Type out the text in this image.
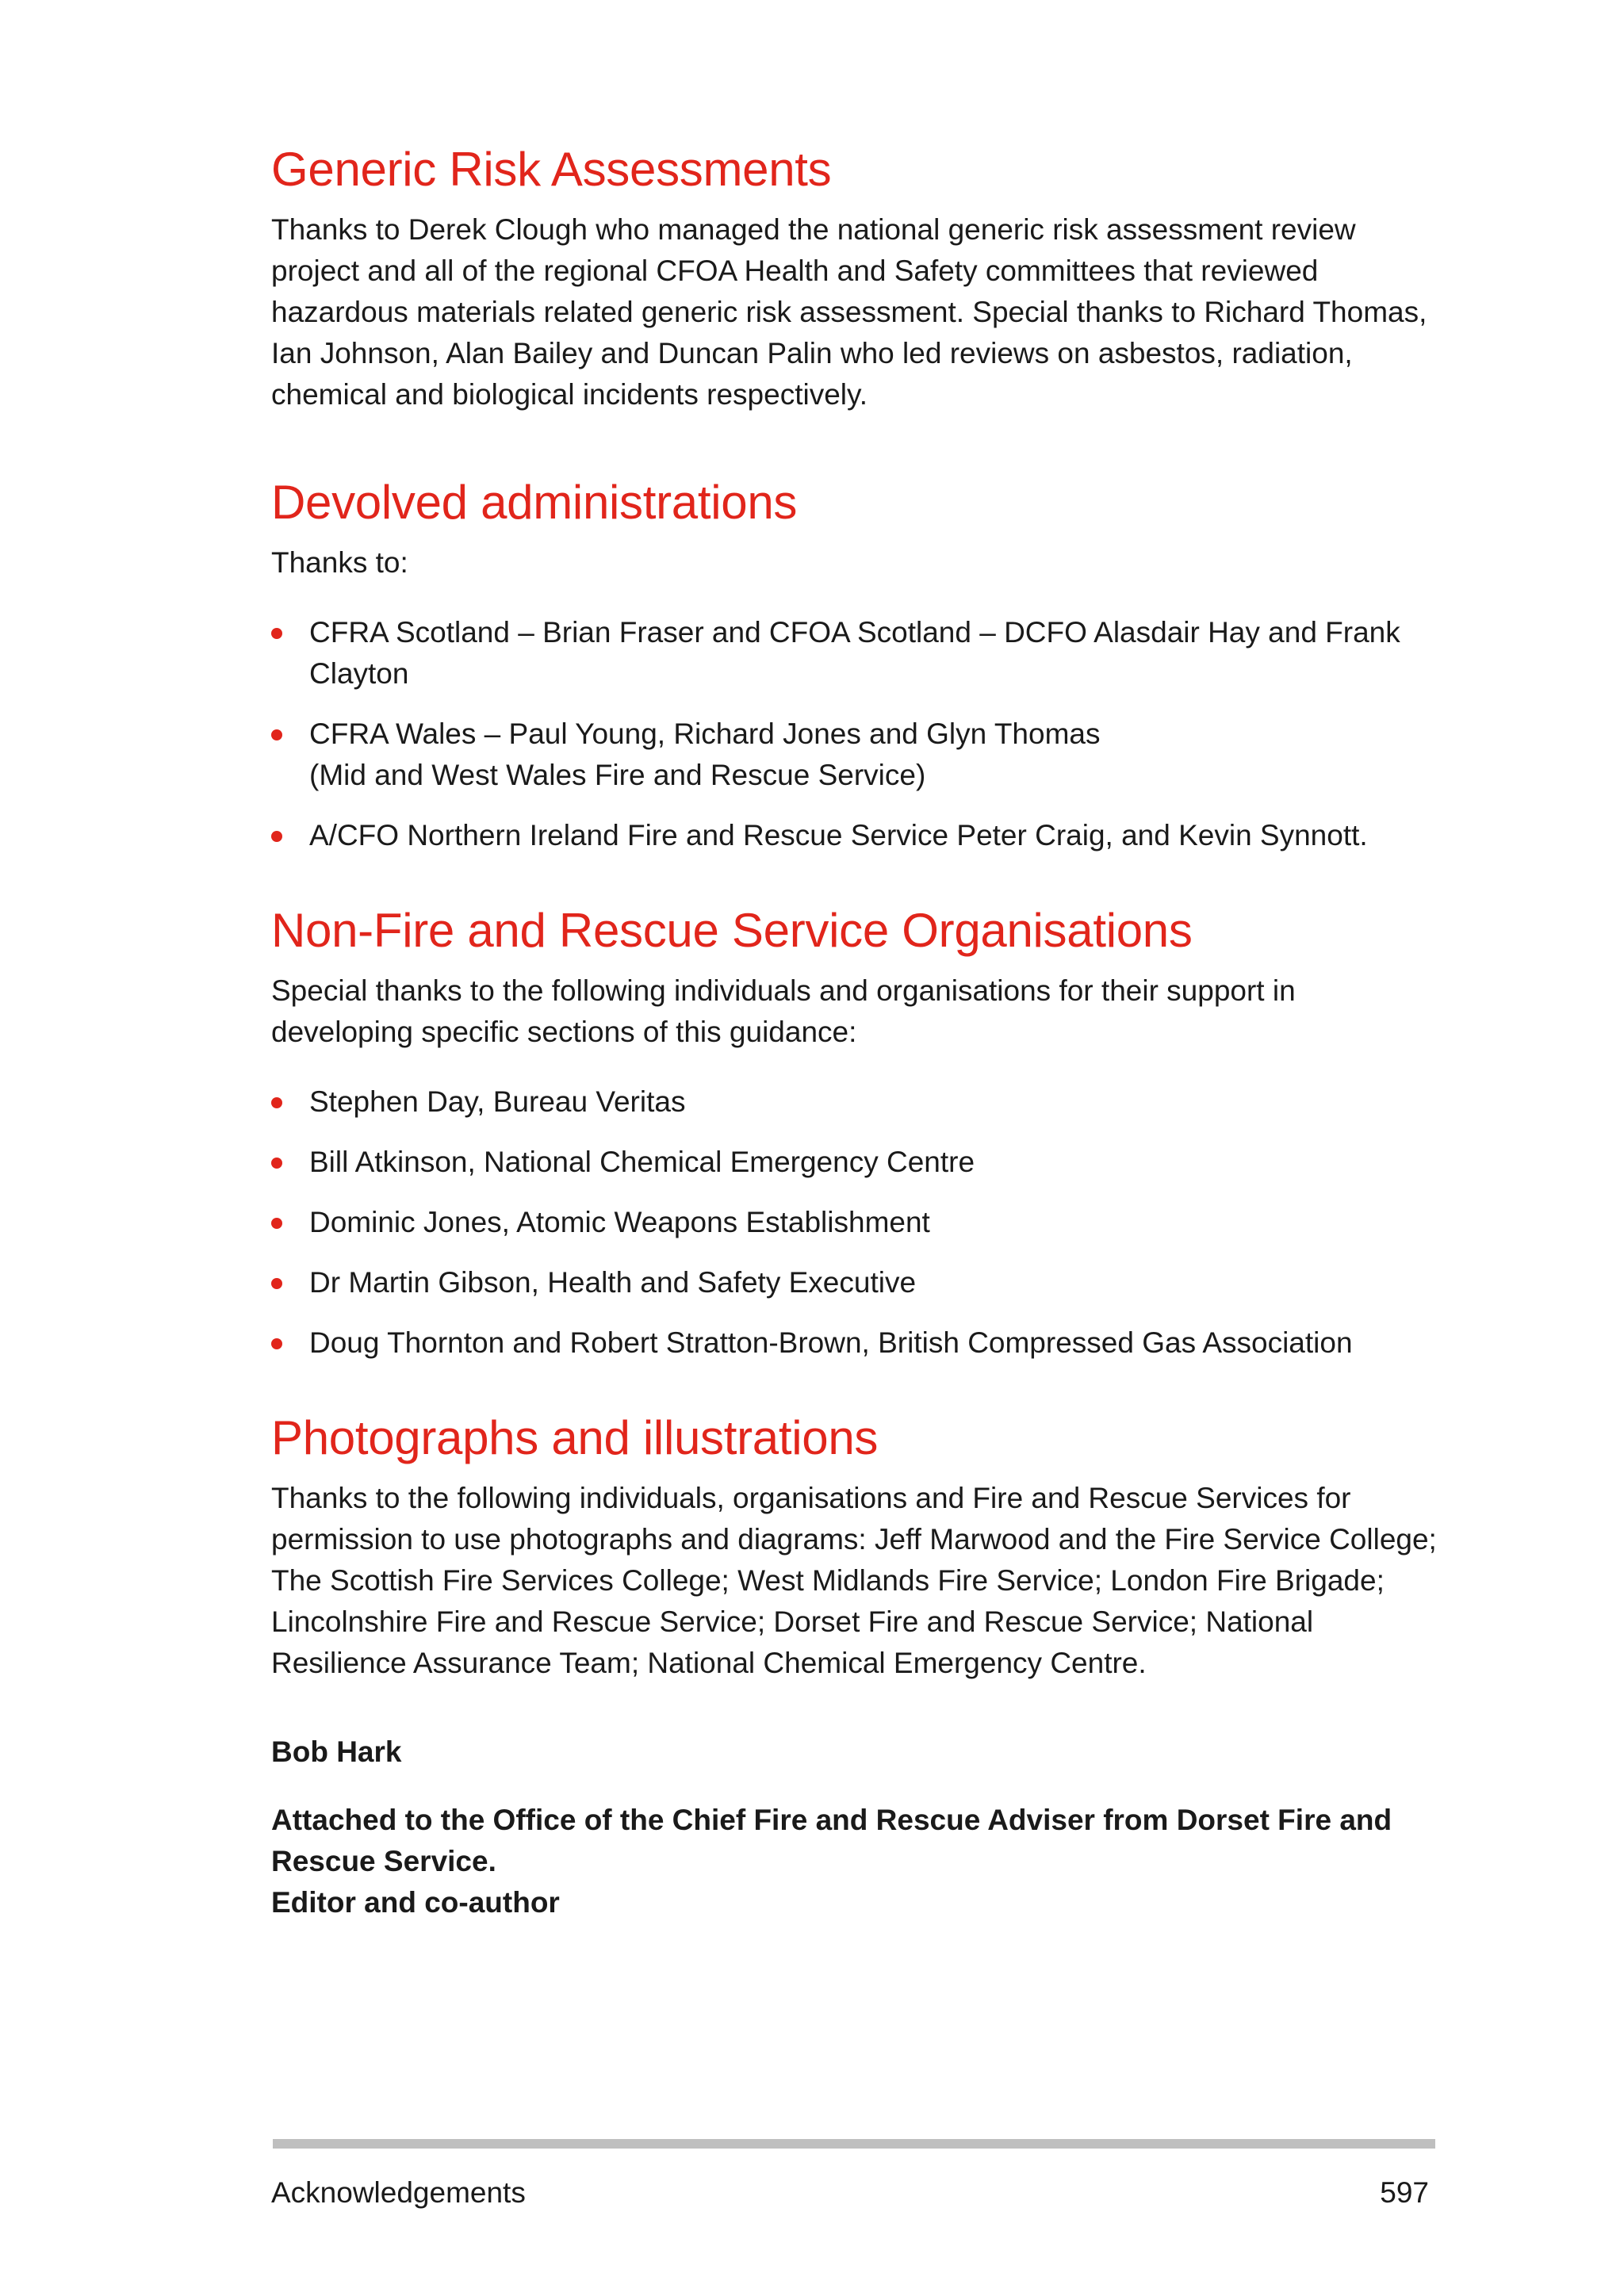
Generic Risk Assessments

Thanks to Derek Clough who managed the national generic risk assessment review project and all of the regional CFOA Health and Safety committees that reviewed hazardous materials related generic risk assessment. Special thanks to Richard Thomas, Ian Johnson, Alan Bailey and Duncan Palin who led reviews on asbestos, radiation, chemical and biological incidents respectively.

Devolved administrations

Thanks to:

CFRA Scotland – Brian Fraser and CFOA Scotland – DCFO Alasdair Hay and Frank Clayton
CFRA Wales – Paul Young, Richard Jones and Glyn Thomas
(Mid and West Wales Fire and Rescue Service)
A/CFO Northern Ireland Fire and Rescue Service Peter Craig, and Kevin Synnott.
Non-Fire and Rescue Service Organisations

Special thanks to the following individuals and organisations for their support in developing specific sections of this guidance:

Stephen Day, Bureau Veritas
Bill Atkinson, National Chemical Emergency Centre
Dominic Jones, Atomic Weapons Establishment
Dr Martin Gibson, Health and Safety Executive
Doug Thornton and Robert Stratton-Brown, British Compressed Gas Association
Photographs and illustrations

Thanks to the following individuals, organisations and Fire and Rescue Services for permission to use photographs and diagrams: Jeff Marwood and the Fire Service College; The Scottish Fire Services College; West Midlands Fire Service; London Fire Brigade; Lincolnshire Fire and Rescue Service; Dorset Fire and Rescue Service; National Resilience Assurance Team; National Chemical Emergency Centre.

Bob Hark

Attached to the Office of the Chief Fire and Rescue Adviser from Dorset Fire and Rescue Service.

Editor and co-author

Acknowledgements	597
